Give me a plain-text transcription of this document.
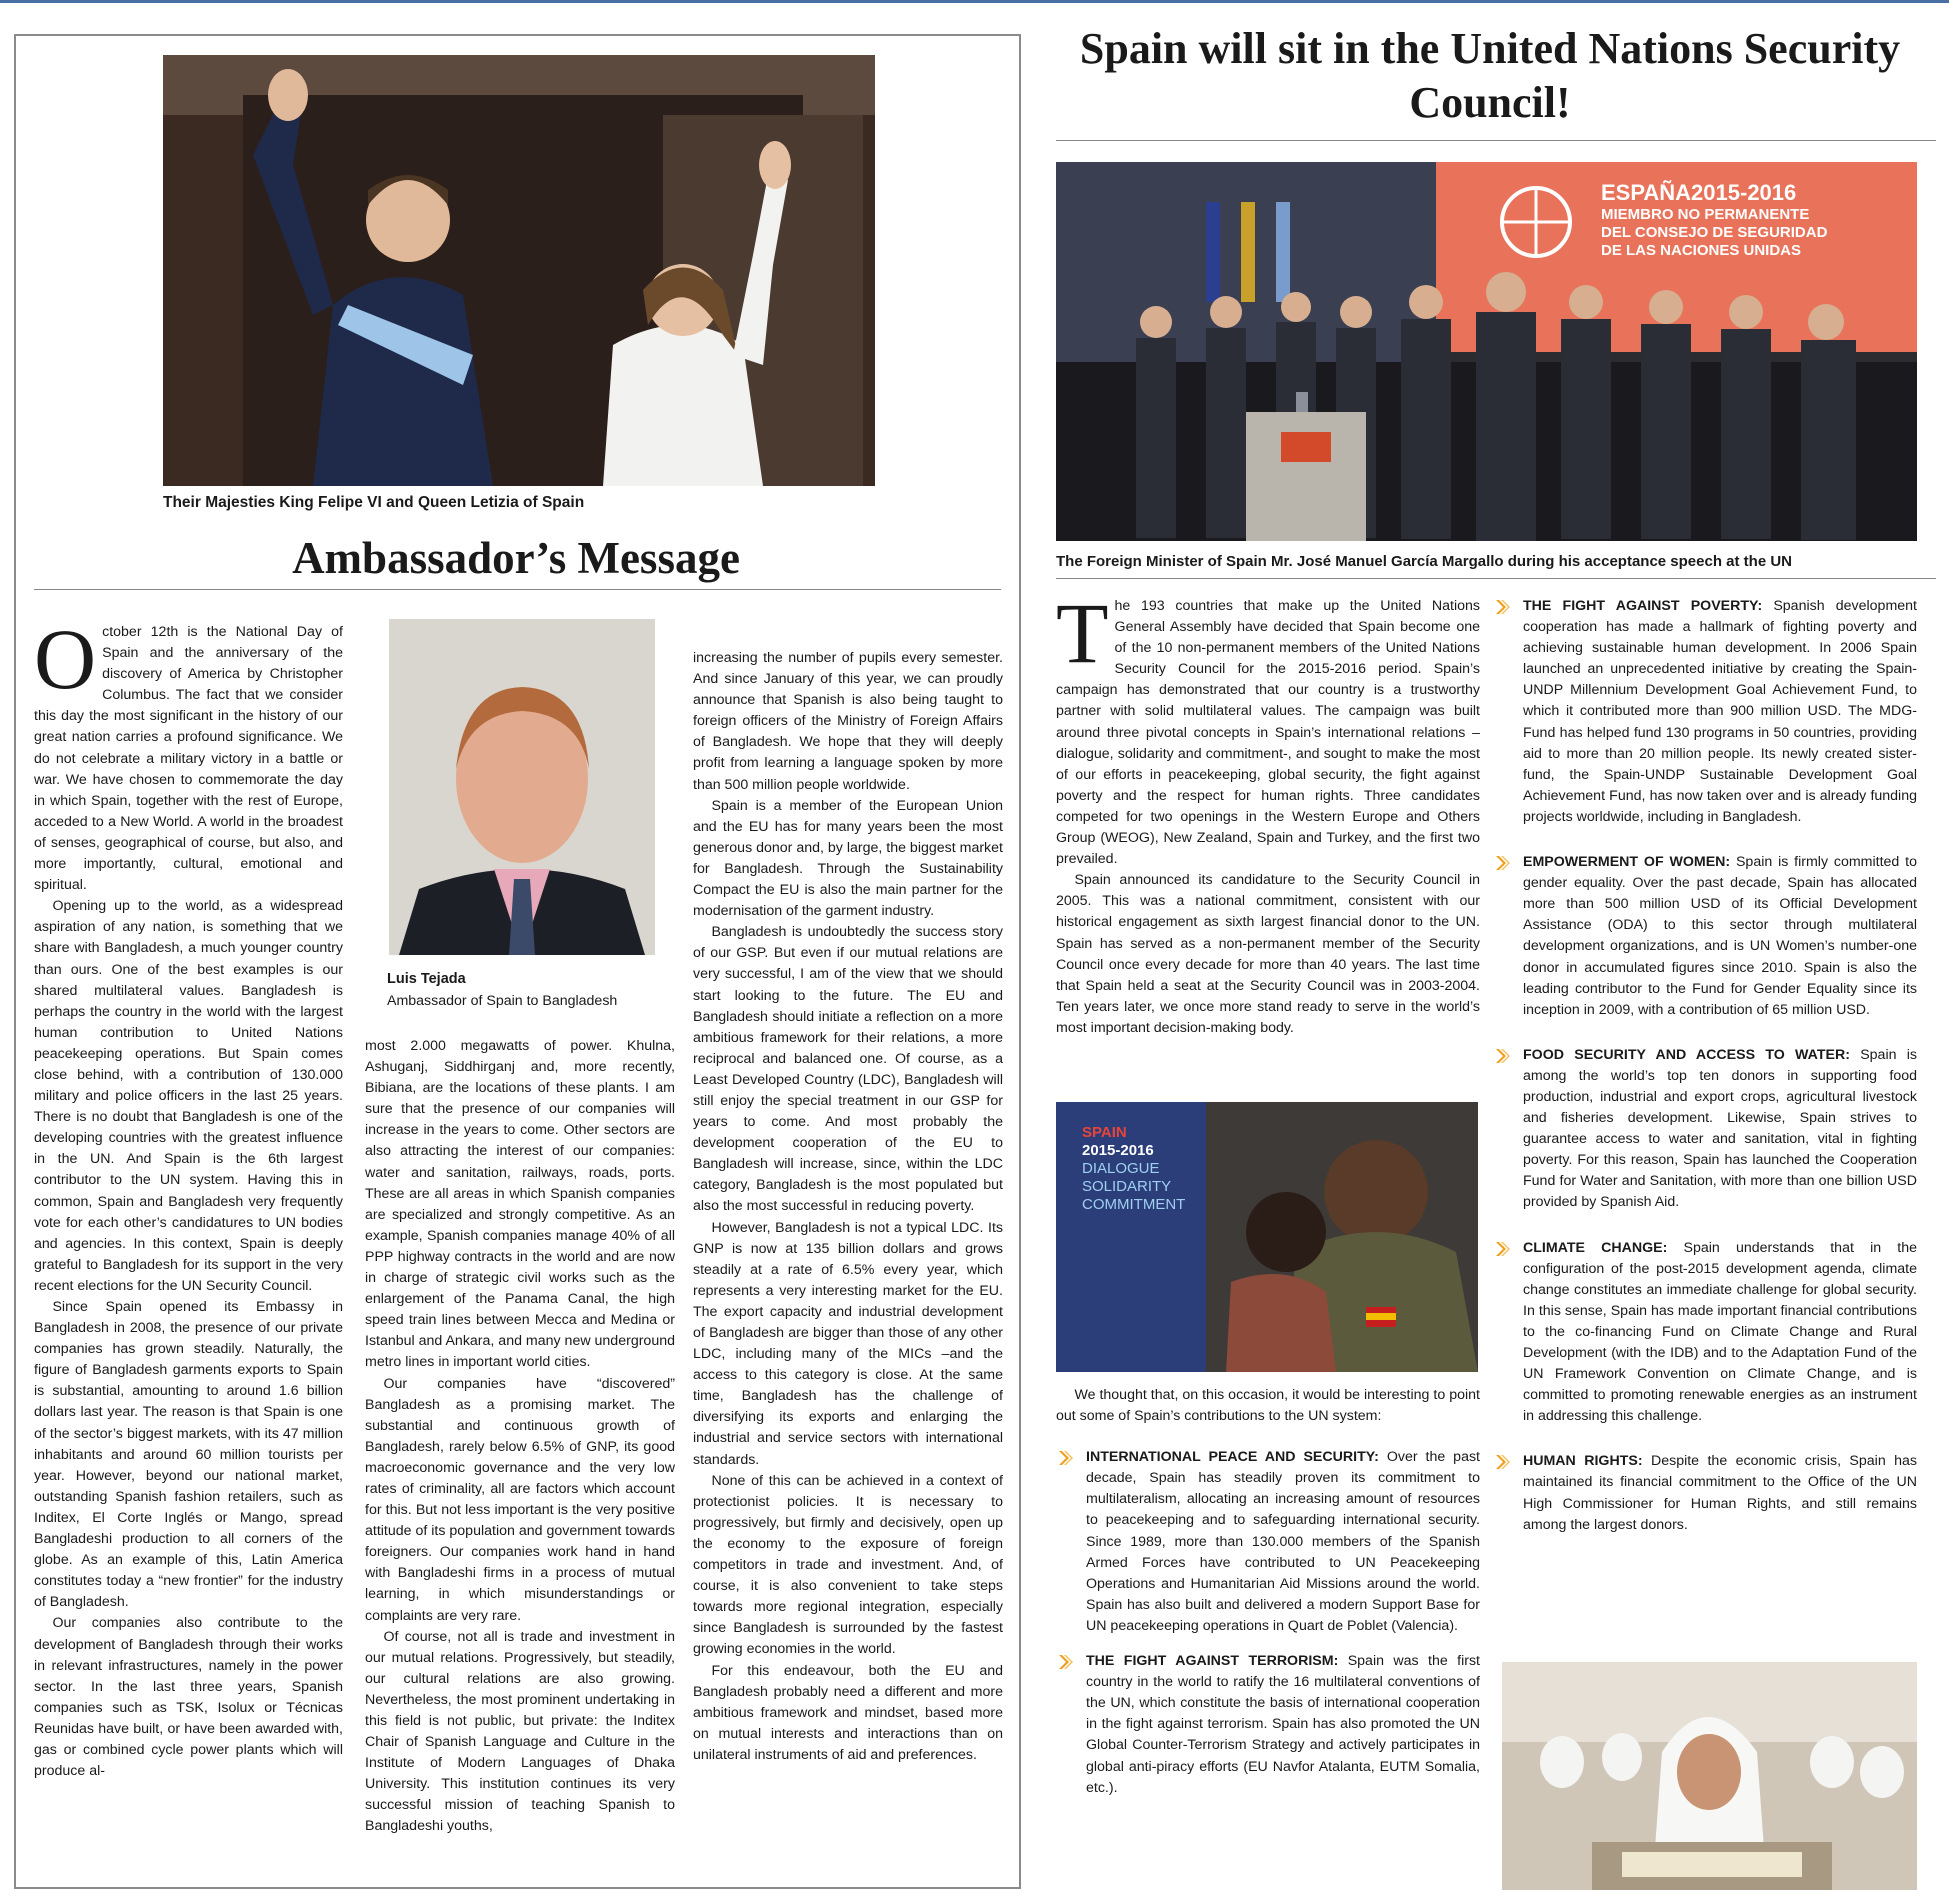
Their Majesties King Felipe VI and Queen Letizia of Spain
Ambassador’s Message

October 12th is the National Day of Spain and the anniversary of the discovery of America by Christopher Columbus. The fact that we consider this day the most significant in the history of our great nation carries a profound significance. We do not celebrate a military victory in a battle or war. We have chosen to commemorate the day in which Spain, together with the rest of Europe, acceded to a New World. A world in the broadest of senses, geographical of course, but also, and more importantly, cultural, emotional and spiritual.

Opening up to the world, as a widespread aspiration of any nation, is something that we share with Bangladesh, a much younger country than ours. One of the best examples is our shared multilateral values. Bangladesh is perhaps the country in the world with the largest human contribution to United Nations peacekeeping operations. But Spain comes close behind, with a contribution of 130.000 military and police officers in the last 25 years. There is no doubt that Bangladesh is one of the developing countries with the greatest influence in the UN. And Spain is the 6th largest contributor to the UN system. Having this in common, Spain and Bangladesh very frequently vote for each other’s candidatures to UN bodies and agencies. In this context, Spain is deeply grateful to Bangladesh for its support in the very recent elections for the UN Security Council.

Since Spain opened its Embassy in Bangladesh in 2008, the presence of our private companies has grown steadily. Naturally, the figure of Bangladesh garments exports to Spain is substantial, amounting to around 1.6 billion dollars last year. The reason is that Spain is one of the sector’s biggest markets, with its 47 million inhabitants and around 60 million tourists per year. However, beyond our national market, outstanding Spanish fashion retailers, such as Inditex, El Corte Inglés or Mango, spread Bangladeshi production to all corners of the globe. As an example of this, Latin America constitutes today a “new frontier” for the industry of Bangladesh.

Our companies also contribute to the development of Bangladesh through their works in relevant infrastructures, namely in the power sector. In the last three years, Spanish companies such as TSK, Isolux or Técnicas Reunidas have built, or have been awarded with, gas or combined cycle power plants which will produce al-

Luis Tejada
Ambassador of Spain to Bangladesh

most 2.000 megawatts of power. Khulna, Ashuganj, Siddhirganj and, more recently, Bibiana, are the locations of these plants. I am sure that the presence of our companies will increase in the years to come. Other sectors are also attracting the interest of our companies: water and sanitation, railways, roads, ports. These are all areas in which Spanish companies are specialized and strongly competitive. As an example, Spanish companies manage 40% of all PPP highway contracts in the world and are now in charge of strategic civil works such as the enlargement of the Panama Canal, the high speed train lines between Mecca and Medina or Istanbul and Ankara, and many new underground metro lines in important world cities.

Our companies have “discovered” Bangladesh as a promising market. The substantial and continuous growth of Bangladesh, rarely below 6.5% of GNP, its good macroeconomic governance and the very low rates of criminality, all are factors which account for this. But not less important is the very positive attitude of its population and government towards foreigners. Our companies work hand in hand with Bangladeshi firms in a process of mutual learning, in which misunderstandings or complaints are very rare.

Of course, not all is trade and investment in our mutual relations. Progressively, but steadily, our cultural relations are also growing. Nevertheless, the most prominent undertaking in this field is not public, but private: the Inditex Chair of Spanish Language and Culture in the Institute of Modern Languages of Dhaka University. This institution continues its very successful mission of teaching Spanish to Bangladeshi youths,

increasing the number of pupils every semester. And since January of this year, we can proudly announce that Spanish is also being taught to foreign officers of the Ministry of Foreign Affairs of Bangladesh. We hope that they will deeply profit from learning a language spoken by more than 500 million people worldwide.

Spain is a member of the European Union and the EU has for many years been the most generous donor and, by large, the biggest market for Bangladesh. Through the Sustainability Compact the EU is also the main partner for the modernisation of the garment industry.

Bangladesh is undoubtedly the success story of our GSP. But even if our mutual relations are very successful, I am of the view that we should start looking to the future. The EU and Bangladesh should initiate a reflection on a more ambitious framework for their relations, a more reciprocal and balanced one. Of course, as a Least Developed Country (LDC), Bangladesh will still enjoy the special treatment in our GSP for years to come. And most probably the development cooperation of the EU to Bangladesh will increase, since, within the LDC category, Bangladesh is the most populated but also the most successful in reducing poverty.

However, Bangladesh is not a typical LDC. Its GNP is now at 135 billion dollars and grows steadily at a rate of 6.5% every year, which represents a very interesting market for the EU. The export capacity and industrial development of Bangladesh are bigger than those of any other LDC, including many of the MICs –and the access to this category is close. At the same time, Bangladesh has the challenge of diversifying its exports and enlarging the industrial and service sectors with international standards.

None of this can be achieved in a context of protectionist policies. It is necessary to progressively, but firmly and decisively, open up the economy to the exposure of foreign competitors in trade and investment. And, of course, it is also convenient to take steps towards more regional integration, especially since Bangladesh is surrounded by the fastest growing economies in the world.

For this endeavour, both the EU and Bangladesh probably need a different and more ambitious framework and mindset, based more on mutual interests and interactions than on unilateral instruments of aid and preferences.

Spain will sit in the United Nations Security Council!
ESPAÑA2015-2016
MIEMBRO NO PERMANENTE
DEL CONSEJO DE SEGURIDAD
DE LAS NACIONES UNIDAS
The Foreign Minister of Spain Mr. José Manuel García Margallo during his acceptance speech at the UN

The 193 countries that make up the United Nations General Assembly have decided that Spain become one of the 10 non-permanent members of the United Nations Security Council for the 2015-2016 period. Spain’s campaign has demonstrated that our country is a trustworthy partner with solid multilateral values. The campaign was built around three pivotal concepts in Spain’s international relations –dialogue, solidarity and commitment-, and sought to make the most of our efforts in peacekeeping, global security, the fight against poverty and the respect for human rights. Three candidates competed for two openings in the Western Europe and Others Group (WEOG), New Zealand, Spain and Turkey, and the first two prevailed.

Spain announced its candidature to the Security Council in 2005. This was a national commitment, consistent with our historical engagement as sixth largest financial donor to the UN. Spain has served as a non-permanent member of the Security Council once every decade for more than 40 years. The last time that Spain held a seat at the Security Council was in 2003-2004. Ten years later, we once more stand ready to serve in the world’s most important decision-making body.

SPAIN
2015-2016
DIALOGUE
SOLIDARITY
COMMITMENT

We thought that, on this occasion, it would be interesting to point out some of Spain’s contributions to the UN system:

INTERNATIONAL PEACE AND SECURITY: Over the past decade, Spain has steadily proven its commitment to multilateralism, allocating an increasing amount of resources to peacekeeping and to safeguarding international security. Since 1989, more than 130.000 members of the Spanish Armed Forces have contributed to UN Peacekeeping Operations and Humanitarian Aid Missions around the world. Spain has also built and delivered a modern Support Base for UN peacekeeping operations in Quart de Poblet (Valencia).

THE FIGHT AGAINST TERRORISM: Spain was the first country in the world to ratify the 16 multilateral conventions of the UN, which constitute the basis of international cooperation in the fight against terrorism. Spain has also promoted the UN Global Counter-Terrorism Strategy and actively participates in global anti-piracy efforts (EU Navfor Atalanta, EUTM Somalia, etc.).

THE FIGHT AGAINST POVERTY: Spanish development cooperation has made a hallmark of fighting poverty and achieving sustainable human development. In 2006 Spain launched an unprecedented initiative by creating the Spain-UNDP Millennium Development Goal Achievement Fund, to which it contributed more than 900 million USD. The MDG-Fund has helped fund 130 programs in 50 countries, providing aid to more than 20 million people. Its newly created sister-fund, the Spain-UNDP Sustainable Development Goal Achievement Fund, has now taken over and is already funding projects worldwide, including in Bangladesh.

EMPOWERMENT OF WOMEN: Spain is firmly committed to gender equality. Over the past decade, Spain has allocated more than 500 million USD of its Official Development Assistance (ODA) to this sector through multilateral development organizations, and is UN Women’s number-one donor in accumulated figures since 2010. Spain is also the leading contributor to the Fund for Gender Equality since its inception in 2009, with a contribution of 65 million USD.

FOOD SECURITY AND ACCESS TO WATER: Spain is among the world’s top ten donors in supporting food production, industrial and export crops, agricultural livestock and fisheries development. Likewise, Spain strives to guarantee access to water and sanitation, vital in fighting poverty. For this reason, Spain has launched the Cooperation Fund for Water and Sanitation, with more than one billion USD provided by Spanish Aid.

CLIMATE CHANGE: Spain understands that in the configuration of the post-2015 development agenda, climate change constitutes an immediate challenge for global security. In this sense, Spain has made important financial contributions to the co-financing Fund on Climate Change and Rural Development (with the IDB) and to the Adaptation Fund of the UN Framework Convention on Climate Change, and is committed to promoting renewable energies as an instrument in addressing this challenge.

HUMAN RIGHTS: Despite the economic crisis, Spain has maintained its financial commitment to the Office of the UN High Commissioner for Human Rights, and still remains among the largest donors.
